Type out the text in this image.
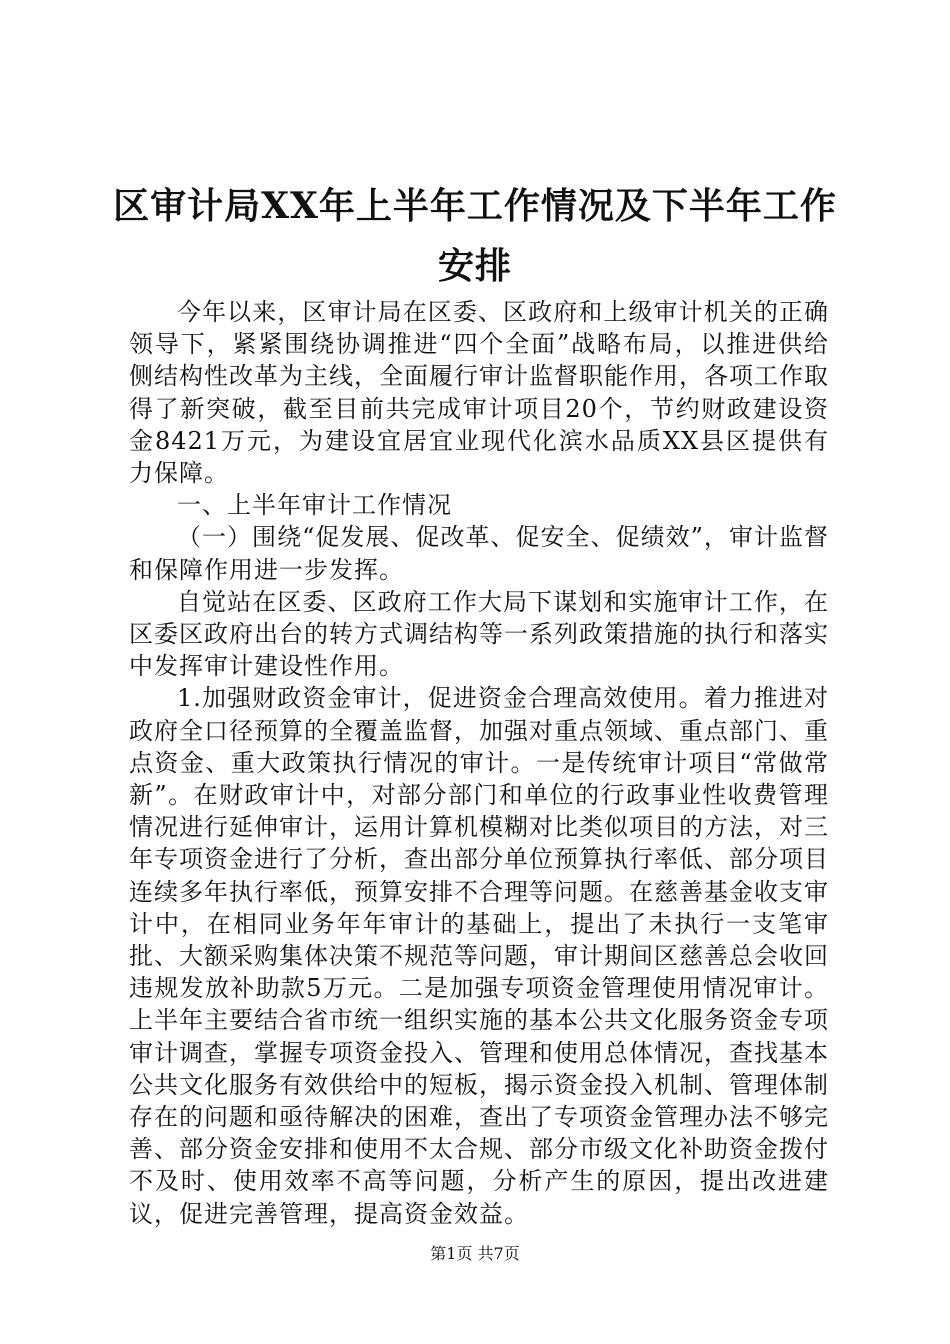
区审计局XX年上半年工作情况及下半年工作安排

今年以来，区审计局在区委、区政府和上级审计机关的正确领导下，紧紧围绕协调推进“四个全面”战略布局，以推进供给侧结构性改革为主线，全面履行审计监督职能作用，各项工作取得了新突破，截至目前共完成审计项目20个，节约财政建设资金8421万元，为建设宜居宜业现代化滨水品质XX县区提供有力保障。

一、上半年审计工作情况

（一）围绕“促发展、促改革、促安全、促绩效”，审计监督和保障作用进一步发挥。

自觉站在区委、区政府工作大局下谋划和实施审计工作，在区委区政府出台的转方式调结构等一系列政策措施的执行和落实中发挥审计建设性作用。

1.加强财政资金审计，促进资金合理高效使用。着力推进对政府全口径预算的全覆盖监督，加强对重点领域、重点部门、重点资金、重大政策执行情况的审计。一是传统审计项目“常做常新”。在财政审计中，对部分部门和单位的行政事业性收费管理情况进行延伸审计，运用计算机模糊对比类似项目的方法，对三年专项资金进行了分析，查出部分单位预算执行率低、部分项目连续多年执行率低，预算安排不合理等问题。在慈善基金收支审计中，在相同业务年年审计的基础上，提出了未执行一支笔审批、大额采购集体决策不规范等问题，审计期间区慈善总会收回违规发放补助款5万元。二是加强专项资金管理使用情况审计。上半年主要结合省市统一组织实施的基本公共文化服务资金专项审计调查，掌握专项资金投入、管理和使用总体情况，查找基本公共文化服务有效供给中的短板，揭示资金投入机制、管理体制存在的问题和亟待解决的困难，查出了专项资金管理办法不够完善、部分资金安排和使用不太合规、部分市级文化补助资金拨付不及时、使用效率不高等问题，分析产生的原因，提出改进建议，促进完善管理，提高资金效益。

第1页 共7页
